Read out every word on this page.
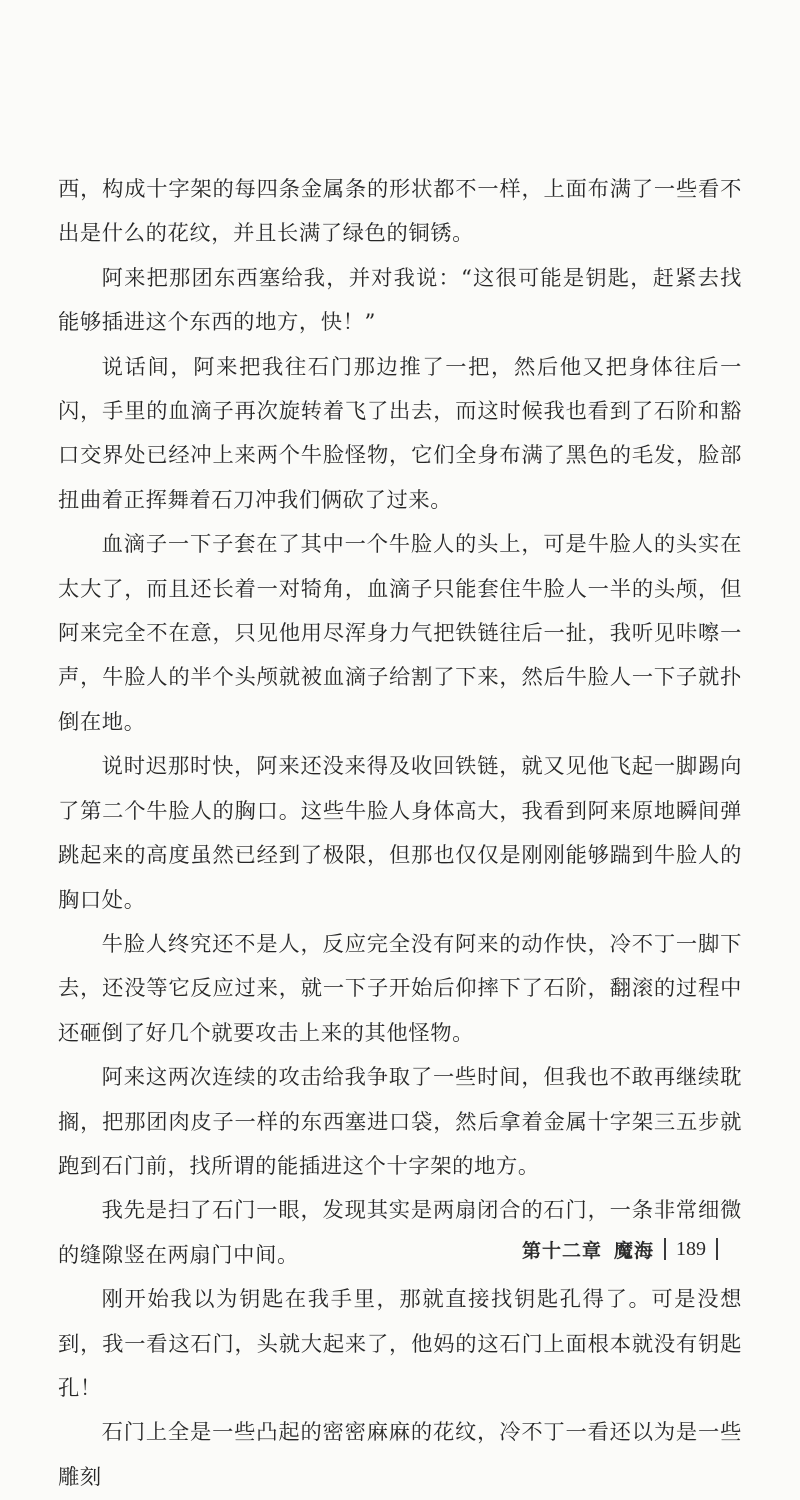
西，构成十字架的每四条金属条的形状都不一样，上面布满了一些看不出是什么的花纹，并且长满了绿色的铜锈。

阿来把那团东西塞给我，并对我说：“这很可能是钥匙，赶紧去找能够插进这个东西的地方，快！”

说话间，阿来把我往石门那边推了一把，然后他又把身体往后一闪，手里的血滴子再次旋转着飞了出去，而这时候我也看到了石阶和豁口交界处已经冲上来两个牛脸怪物，它们全身布满了黑色的毛发，脸部扭曲着正挥舞着石刀冲我们俩砍了过来。

血滴子一下子套在了其中一个牛脸人的头上，可是牛脸人的头实在太大了，而且还长着一对犄角，血滴子只能套住牛脸人一半的头颅，但阿来完全不在意，只见他用尽浑身力气把铁链往后一扯，我听见咔嚓一声，牛脸人的半个头颅就被血滴子给割了下来，然后牛脸人一下子就扑倒在地。

说时迟那时快，阿来还没来得及收回铁链，就又见他飞起一脚踢向了第二个牛脸人的胸口。这些牛脸人身体高大，我看到阿来原地瞬间弹跳起来的高度虽然已经到了极限，但那也仅仅是刚刚能够踹到牛脸人的胸口处。

牛脸人终究还不是人，反应完全没有阿来的动作快，冷不丁一脚下去，还没等它反应过来，就一下子开始后仰摔下了石阶，翻滚的过程中还砸倒了好几个就要攻击上来的其他怪物。

阿来这两次连续的攻击给我争取了一些时间，但我也不敢再继续耽搁，把那团肉皮子一样的东西塞进口袋，然后拿着金属十字架三五步就跑到石门前，找所谓的能插进这个十字架的地方。

我先是扫了石门一眼，发现其实是两扇闭合的石门，一条非常细微的缝隙竖在两扇门中间。

刚开始我以为钥匙在我手里，那就直接找钥匙孔得了。可是没想到，我一看这石门，头就大起来了，他妈的这石门上面根本就没有钥匙孔！

石门上全是一些凸起的密密麻麻的花纹，冷不丁一看还以为是一些雕刻

第十二章 魔海 189
